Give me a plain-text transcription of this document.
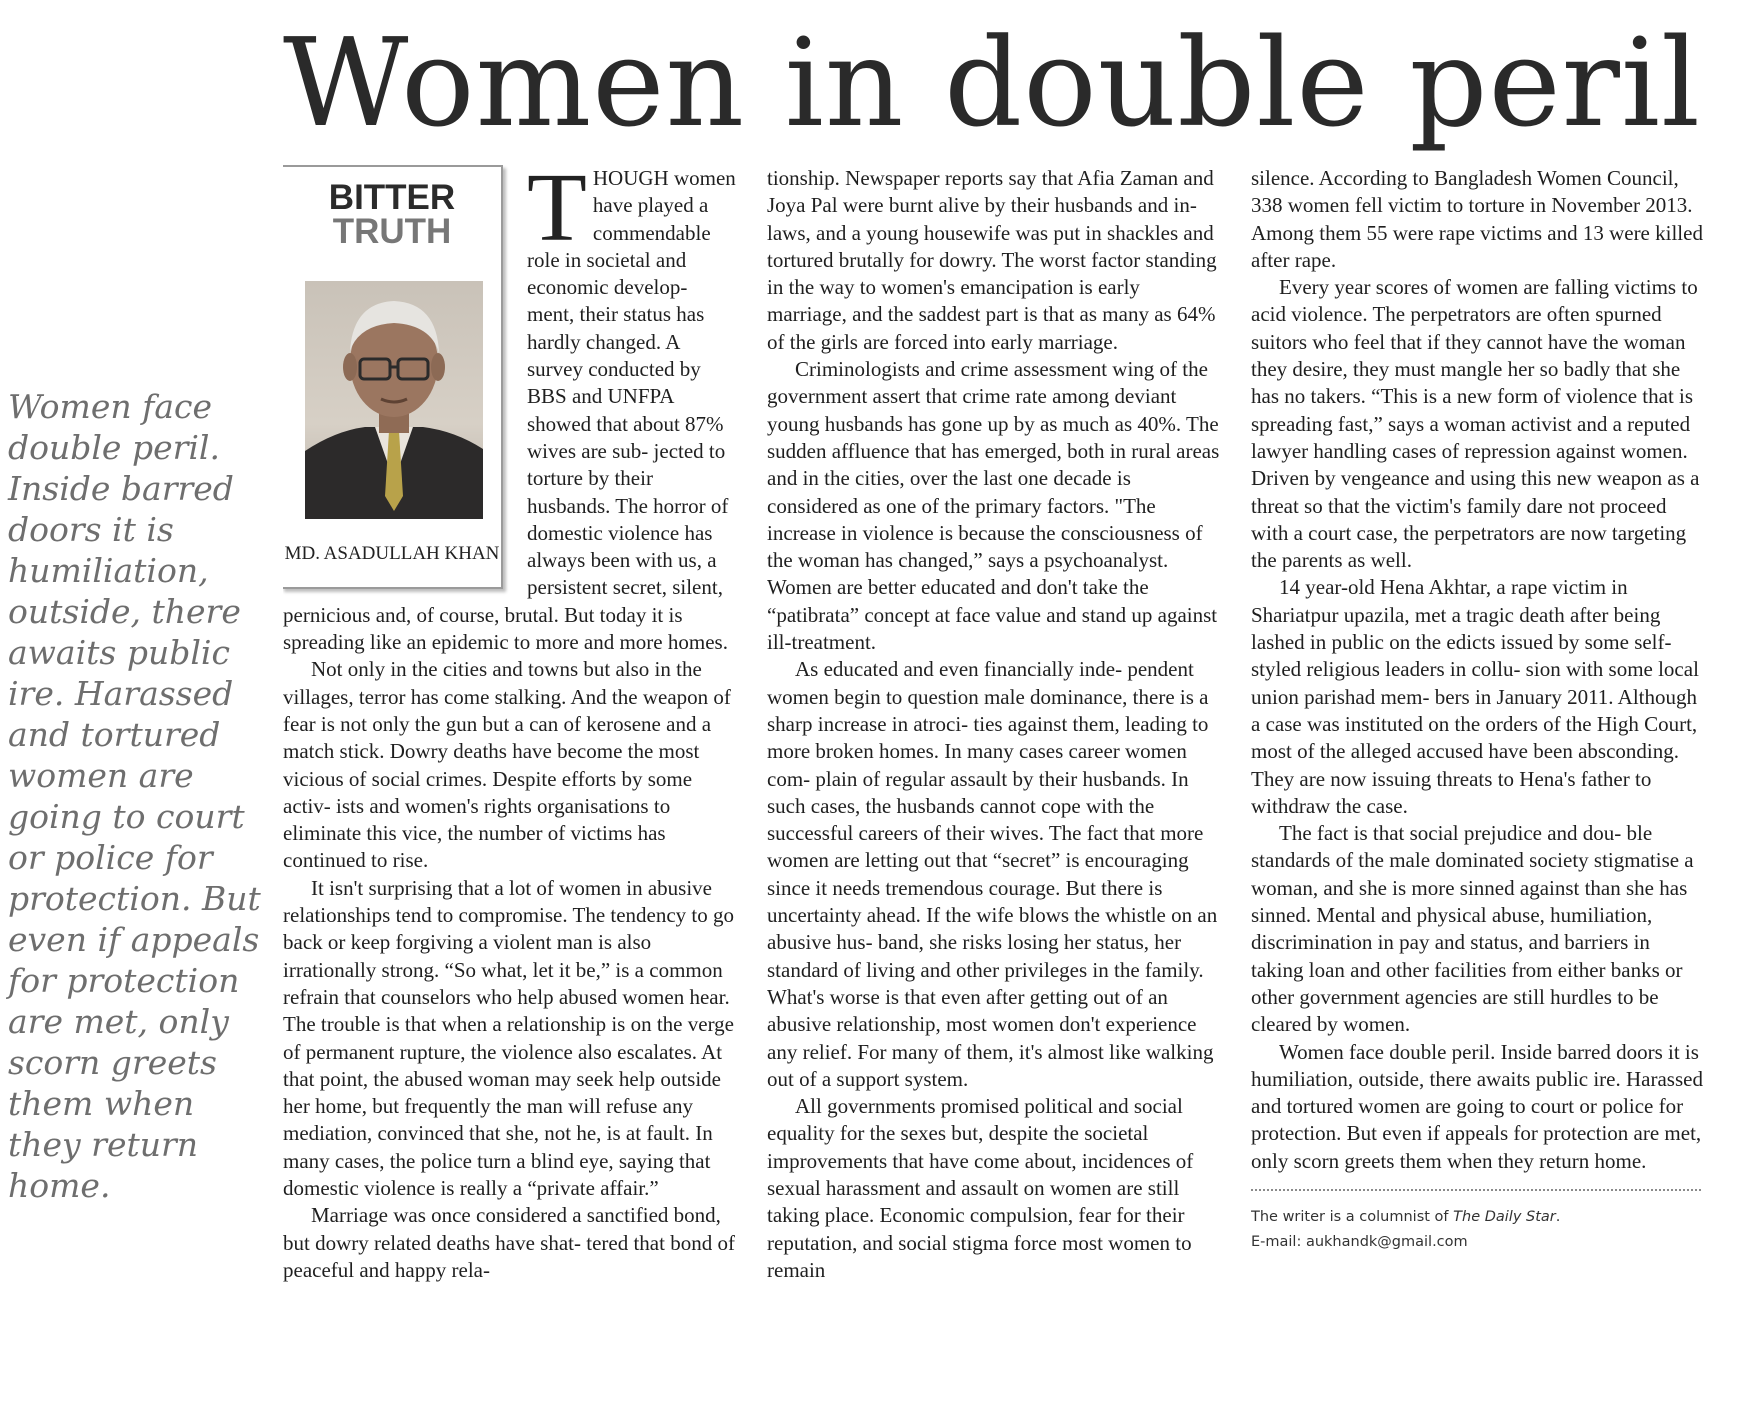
Women in double peril
Women face double peril. Inside barred doors it is humiliation, outside, there awaits public ire. Harassed and tortured women are going to court or police for protection. But even if appeals for protection are met, only scorn greets them when they return home.
BITTER
TRUTH
MD. ASADULLAH KHAN
T HOUGH women have played a commendable role in societal and economic develop- ment, their status has hardly changed. A survey conducted by BBS and UNFPA showed that about 87% wives are sub- jected to torture by their husbands. The horror of domestic violence has always been with us, a persistent secret, silent, pernicious and, of course, brutal. But today it is spreading like an epidemic to more and more homes.

Not only in the cities and towns but also in the villages, terror has come stalking. And the weapon of fear is not only the gun but a can of kerosene and a match stick. Dowry deaths have become the most vicious of social crimes. Despite efforts by some activ- ists and women's rights organisations to eliminate this vice, the number of victims has continued to rise.

It isn't surprising that a lot of women in abusive relationships tend to compromise. The tendency to go back or keep forgiving a violent man is also irrationally strong. “So what, let it be,” is a common refrain that counselors who help abused women hear. The trouble is that when a relationship is on the verge of permanent rupture, the violence also escalates. At that point, the abused woman may seek help outside her home, but frequently the man will refuse any mediation, convinced that she, not he, is at fault. In many cases, the police turn a blind eye, saying that domestic violence is really a “private affair.”

Marriage was once considered a sanctified bond, but dowry related deaths have shat- tered that bond of peaceful and happy rela-

tionship. Newspaper reports say that Afia Zaman and Joya Pal were burnt alive by their husbands and in-laws, and a young housewife was put in shackles and tortured brutally for dowry. The worst factor standing in the way to women's emancipation is early marriage, and the saddest part is that as many as 64% of the girls are forced into early marriage.

Criminologists and crime assessment wing of the government assert that crime rate among deviant young husbands has gone up by as much as 40%. The sudden affluence that has emerged, both in rural areas and in the cities, over the last one decade is considered as one of the primary factors. "The increase in violence is because the consciousness of the woman has changed,” says a psychoanalyst. Women are better educated and don't take the “patibrata” concept at face value and stand up against ill-treatment.

As educated and even financially inde- pendent women begin to question male dominance, there is a sharp increase in atroci- ties against them, leading to more broken homes. In many cases career women com- plain of regular assault by their husbands. In such cases, the husbands cannot cope with the successful careers of their wives. The fact that more women are letting out that “secret” is encouraging since it needs tremendous courage. But there is uncertainty ahead. If the wife blows the whistle on an abusive hus- band, she risks losing her status, her standard of living and other privileges in the family. What's worse is that even after getting out of an abusive relationship, most women don't experience any relief. For many of them, it's almost like walking out of a support system.

All governments promised political and social equality for the sexes but, despite the societal improvements that have come about, incidences of sexual harassment and assault on women are still taking place. Economic compulsion, fear for their reputation, and social stigma force most women to remain

silence. According to Bangladesh Women Council, 338 women fell victim to torture in November 2013. Among them 55 were rape victims and 13 were killed after rape.

Every year scores of women are falling victims to acid violence. The perpetrators are often spurned suitors who feel that if they cannot have the woman they desire, they must mangle her so badly that she has no takers. “This is a new form of violence that is spreading fast,” says a woman activist and a reputed lawyer handling cases of repression against women. Driven by vengeance and using this new weapon as a threat so that the victim's family dare not proceed with a court case, the perpetrators are now targeting the parents as well.

14 year-old Hena Akhtar, a rape victim in Shariatpur upazila, met a tragic death after being lashed in public on the edicts issued by some self-styled religious leaders in collu- sion with some local union parishad mem- bers in January 2011. Although a case was instituted on the orders of the High Court, most of the alleged accused have been absconding. They are now issuing threats to Hena's father to withdraw the case.

The fact is that social prejudice and dou- ble standards of the male dominated society stigmatise a woman, and she is more sinned against than she has sinned. Mental and physical abuse, humiliation, discrimination in pay and status, and barriers in taking loan and other facilities from either banks or other government agencies are still hurdles to be cleared by women.

Women face double peril. Inside barred doors it is humiliation, outside, there awaits public ire. Harassed and tortured women are going to court or police for protection. But even if appeals for protection are met, only scorn greets them when they return home.

The writer is a columnist of The Daily Star.
E-mail: aukhandk@gmail.com
